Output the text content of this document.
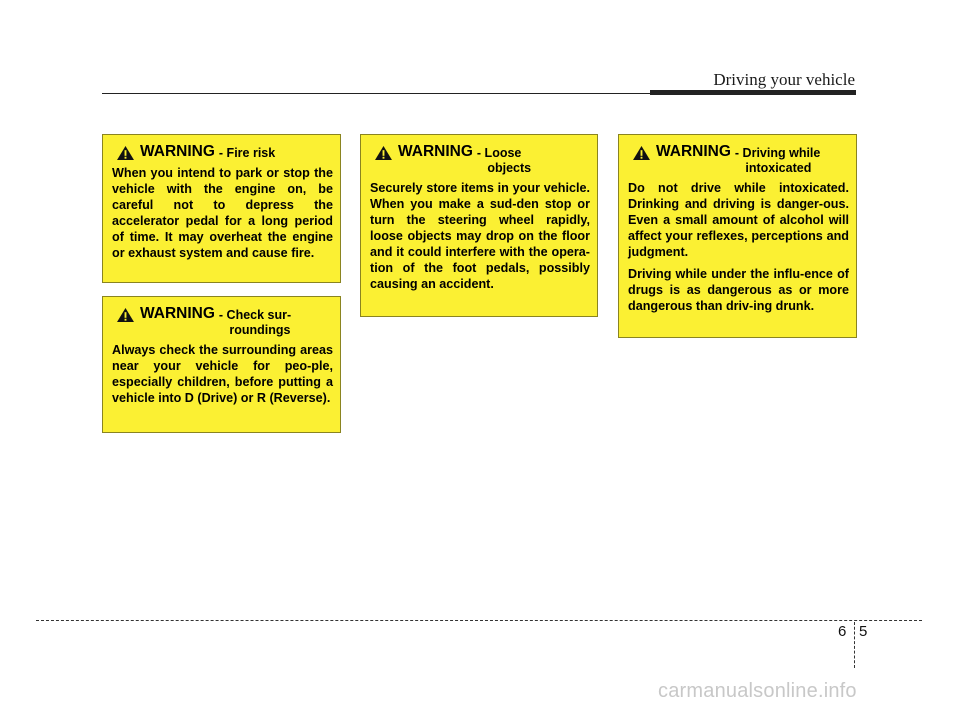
Driving your vehicle
WARNING - Fire risk

When you intend to park or stop the vehicle with the engine on, be careful not to depress the accelerator pedal for a long period of time. It may overheat the engine or exhaust system and cause fire.

WARNING - Check sur-
roundings

Always check the surrounding areas near your vehicle for peo-ple, especially children, before putting a vehicle into D (Drive) or R (Reverse).

WARNING - Loose
objects

Securely store items in your vehicle. When you make a sud-den stop or turn the steering wheel rapidly, loose objects may drop on the floor and it could interfere with the opera-tion of the foot pedals, possibly causing an accident.

WARNING - Driving while
intoxicated

Do not drive while intoxicated. Drinking and driving is danger-ous. Even a small amount of alcohol will affect your reflexes, perceptions and judgment.

Driving while under the influ-ence of drugs is as dangerous as or more dangerous than driv-ing drunk.

6 5
carmanualsonline.info
